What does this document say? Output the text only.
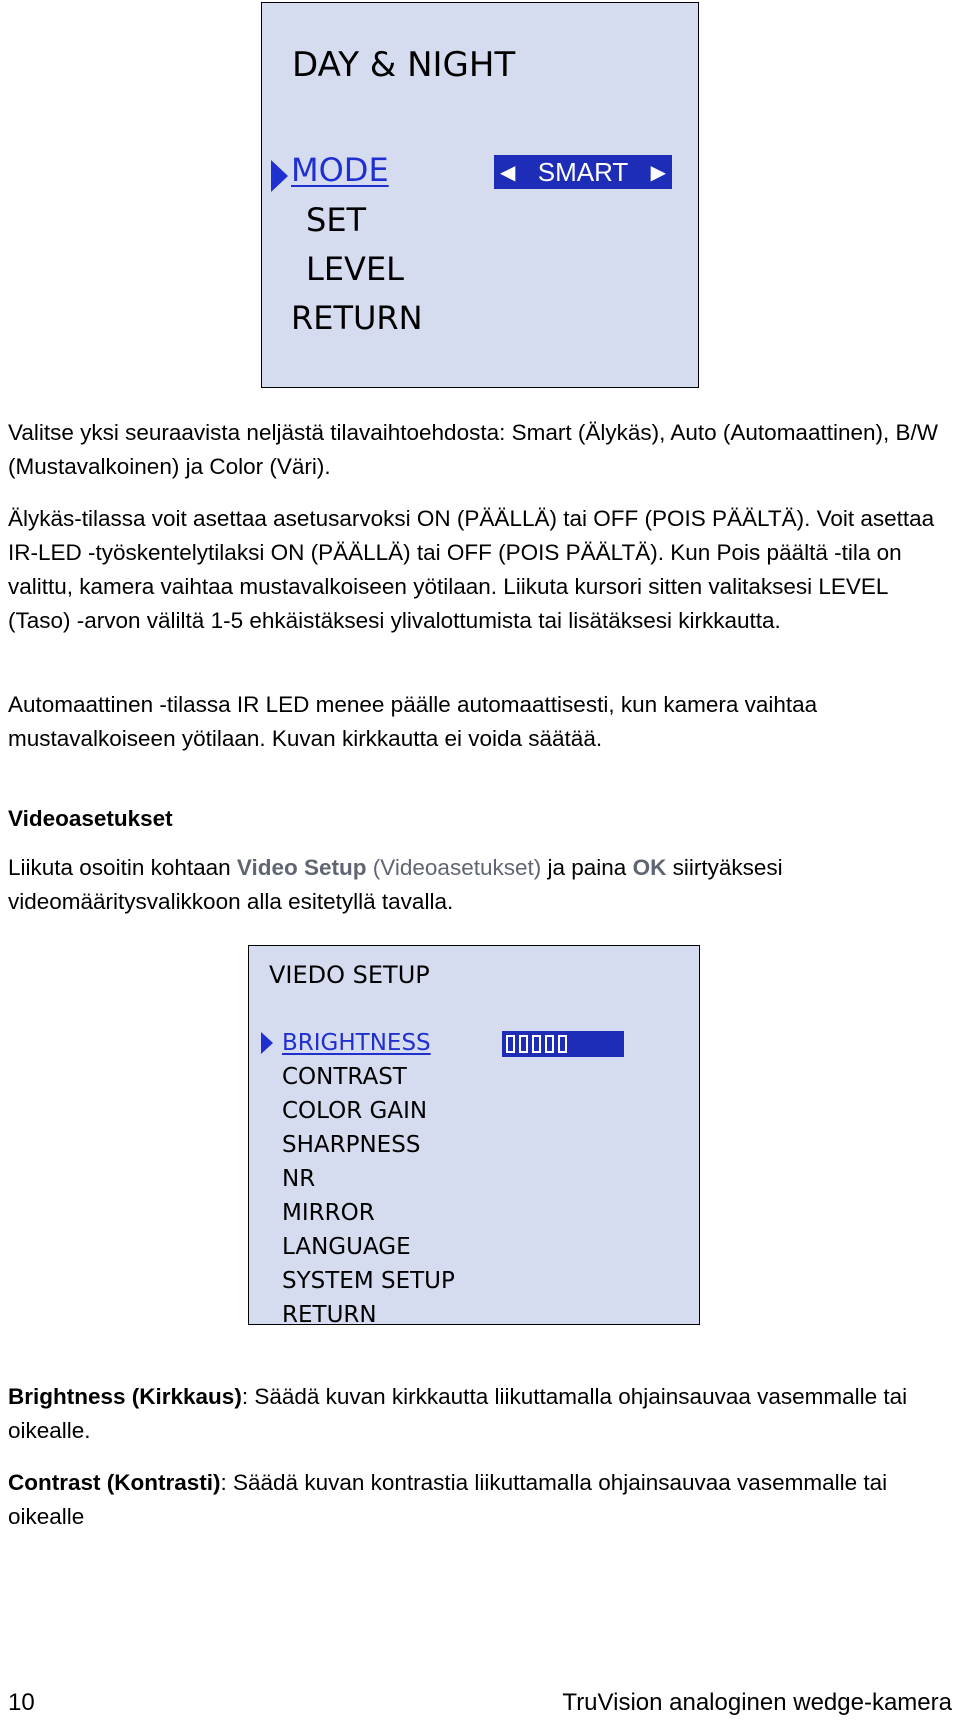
DAY & NIGHT
MODE	◀ SMART ▶
SET
LEVEL
RETURN
Valitse yksi seuraavista neljästä tilavaihtoehdosta: Smart (Älykäs), Auto (Automaattinen), B/W (Mustavalkoinen) ja Color (Väri).
Älykäs-tilassa voit asettaa asetusarvoksi ON (PÄÄLLÄ) tai OFF (POIS PÄÄLTÄ). Voit asettaa IR-LED -työskentelytilaksi ON (PÄÄLLÄ) tai OFF (POIS PÄÄLTÄ). Kun Pois päältä -tila on valittu, kamera vaihtaa mustavalkoiseen yötilaan. Liikuta kursori sitten valitaksesi LEVEL (Taso) -arvon väliltä 1-5 ehkäistäksesi ylivalottumista tai lisätäksesi kirkkautta.
Automaattinen -tilassa IR LED menee päälle automaattisesti, kun kamera vaihtaa mustavalkoiseen yötilaan. Kuvan kirkkautta ei voida säätää.
Videoasetukset
Liikuta osoitin kohtaan Video Setup (Videoasetukset) ja paina OK siirtyäksesi videomääritysvalikkoon alla esitetyllä tavalla.
VIEDO SETUP
BRIGHTNESS
CONTRAST
COLOR GAIN
SHARPNESS
NR
MIRROR
LANGUAGE
SYSTEM SETUP
RETURN
Brightness (Kirkkaus): Säädä kuvan kirkkautta liikuttamalla ohjainsauvaa vasemmalle tai oikealle.
Contrast (Kontrasti): Säädä kuvan kontrastia liikuttamalla ohjainsauvaa vasemmalle tai oikealle
10	TruVision analoginen wedge-kamera
